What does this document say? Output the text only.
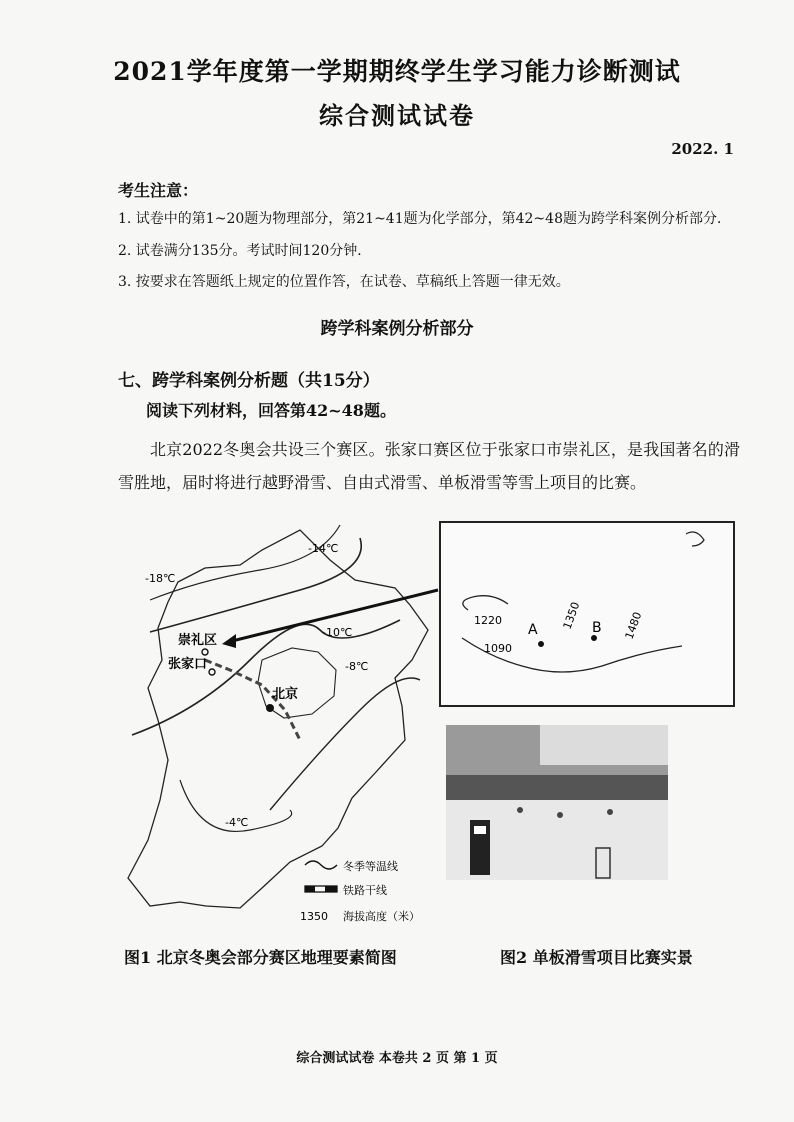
2021学年度第一学期期终学生学习能力诊断测试
综合测试试卷
2022. 1
考生注意：
1. 试卷中的第1~20题为物理部分，第21~41题为化学部分，第42~48题为跨学科案例分析部分．
2. 试卷满分135分。考试时间120分钟．
3. 按要求在答题纸上规定的位置作答，在试卷、草稿纸上答题一律无效。
跨学科案例分析部分
七、跨学科案例分析题（共15分）
阅读下列材料，回答第42~48题。
北京2022冬奥会共设三个赛区。张家口赛区位于张家口市崇礼区，是我国著名的滑雪胜地，届时将进行越野滑雪、自由式滑雪、单板滑雪等雪上项目的比赛。
崇礼区
张家口
北京
-14℃
-18℃
-10℃
-8℃
-4℃
冬季等温线
铁路干线
1350 海拔高度（米）
A	B
1220
1090
1350	1480
图1 北京冬奥会部分赛区地理要素简图	图2 单板滑雪项目比赛实景
综合测试试卷 本卷共 2 页 第 1 页
